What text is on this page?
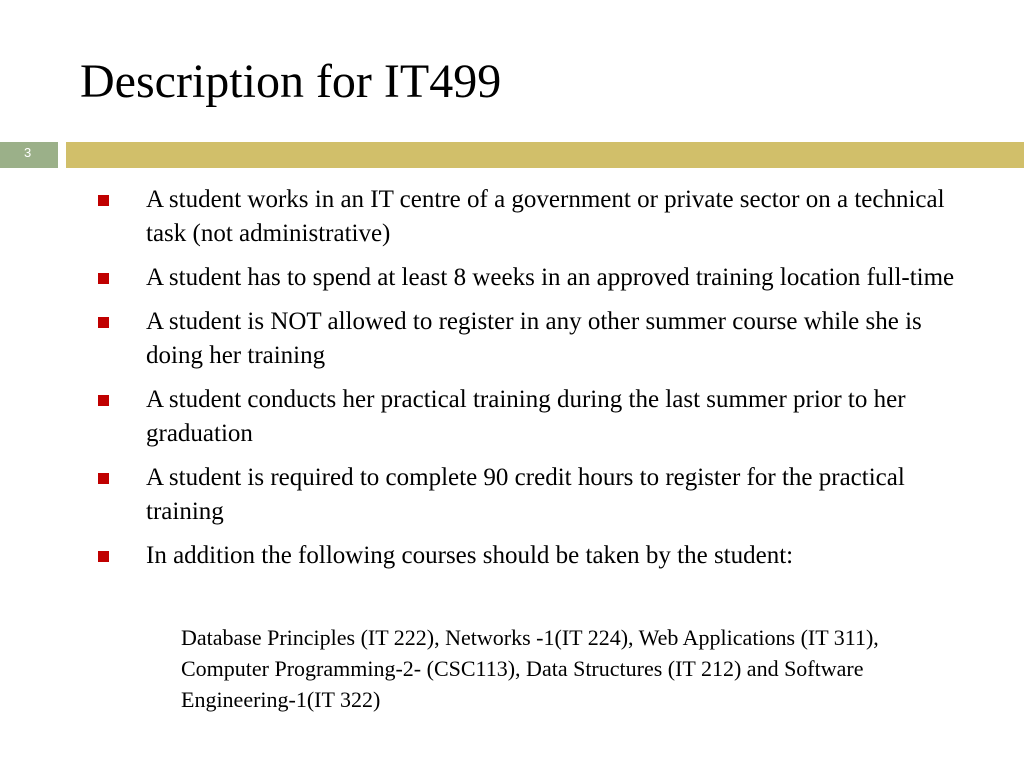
Description for IT499
3
A student works in an IT centre of a government or private sector on a technical task (not administrative)
A student has to spend at least 8 weeks in an approved training location full-time
A student is NOT allowed to register in any other summer course while she is doing her training
A student conducts her practical training during the last summer prior to her graduation
A student is required to complete 90 credit hours to register for the practical training
In addition the following courses should be taken by the student:

Database Principles (IT 222), Networks -1(IT 224), Web Applications (IT 311), Computer Programming-2- (CSC113), Data Structures (IT 212) and Software Engineering-1(IT 322)
